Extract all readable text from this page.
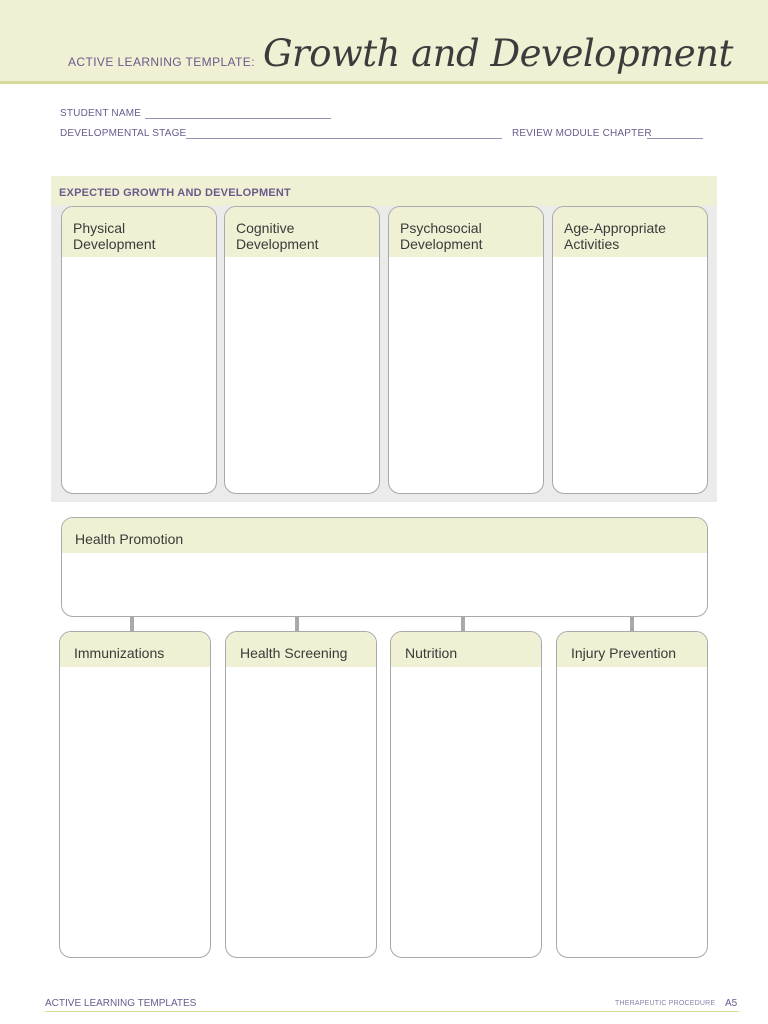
ACTIVE LEARNING TEMPLATE: Growth and Development
STUDENT NAME
DEVELOPMENTAL STAGE	REVIEW MODULE CHAPTER
EXPECTED GROWTH AND DEVELOPMENT
Physical
Development
Cognitive
Development
Psychosocial
Development
Age-Appropriate
Activities
Health Promotion
Immunizations	Health Screening	Nutrition	Injury Prevention
ACTIVE LEARNING TEMPLATES	THERAPEUTIC PROCEDURE A5
